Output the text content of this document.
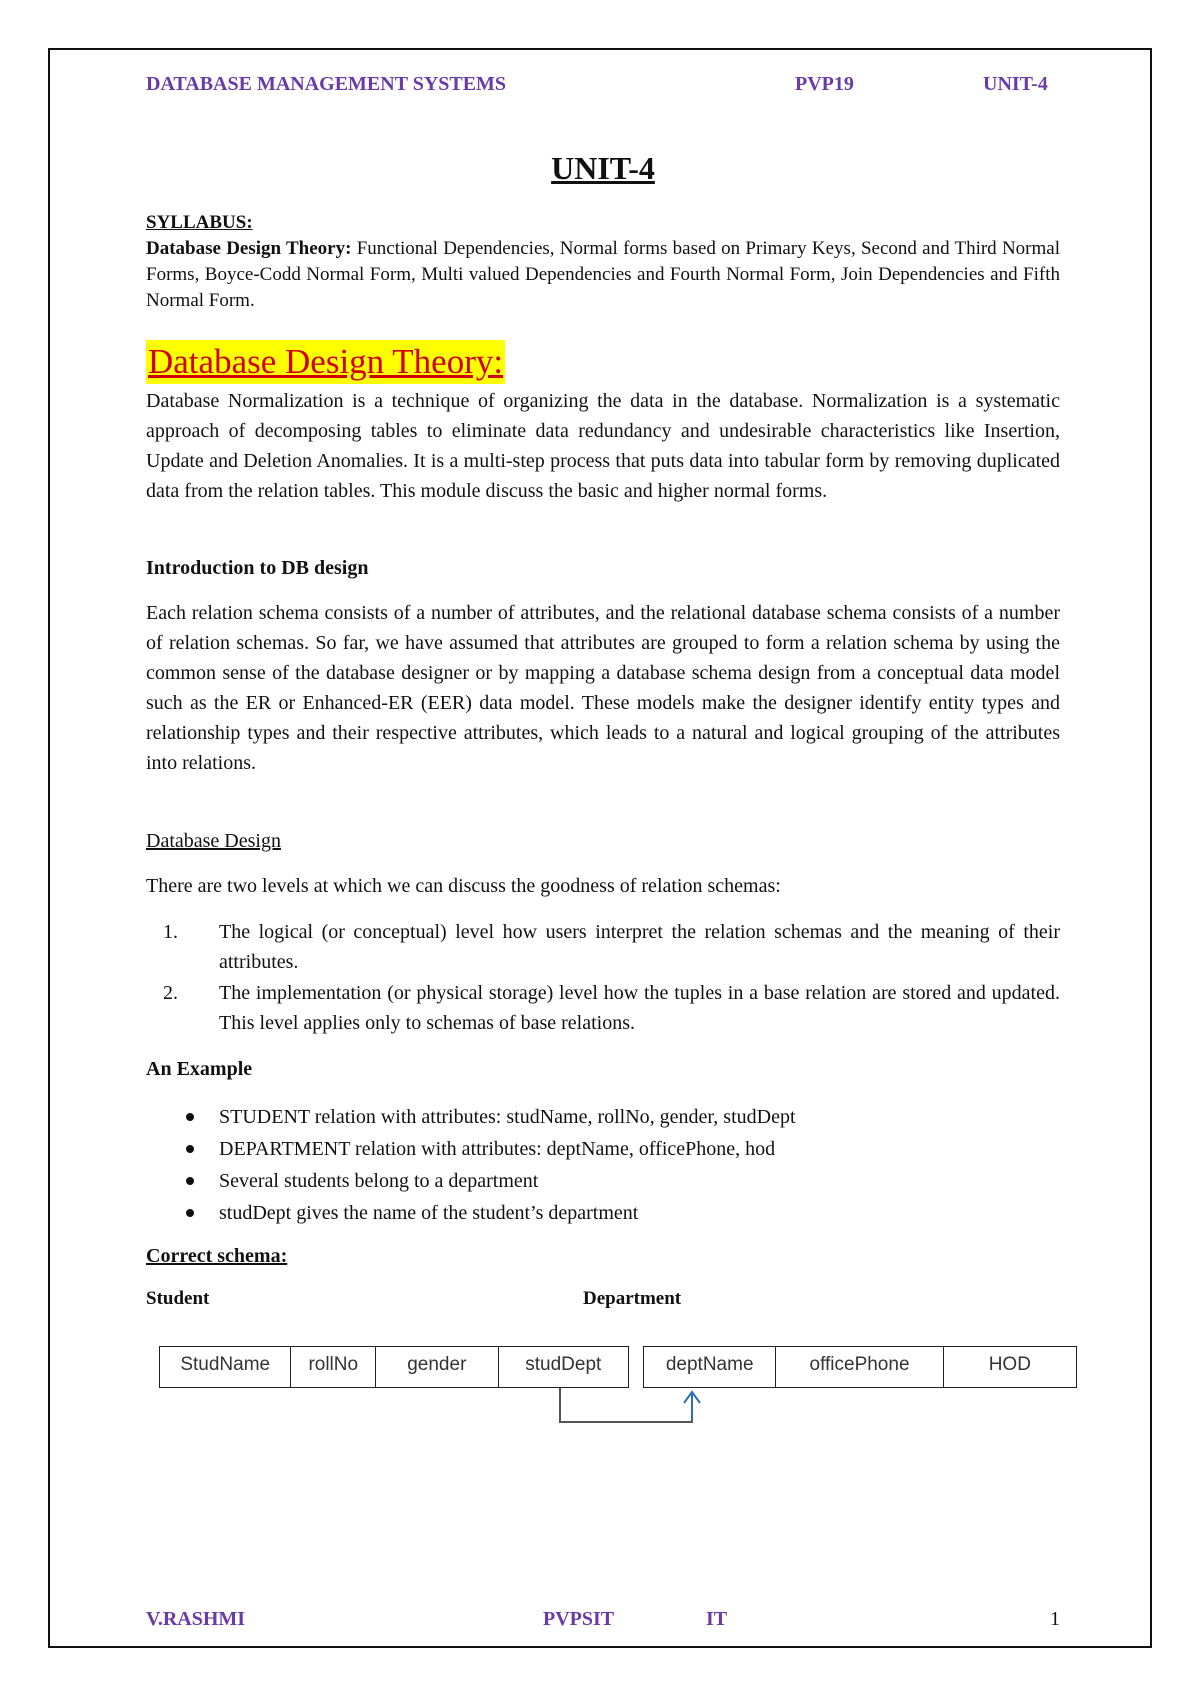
DATABASE MANAGEMENT SYSTEMS	PVP19	UNIT-4
UNIT-4
SYLLABUS:
Database Design Theory: Functional Dependencies, Normal forms based on Primary Keys, Second and Third Normal Forms, Boyce-Codd Normal Form, Multi valued Dependencies and Fourth Normal Form, Join Dependencies and Fifth Normal Form.
Database Design Theory:
Database Normalization is a technique of organizing the data in the database. Normalization is a systematic approach of decomposing tables to eliminate data redundancy and undesirable characteristics like Insertion, Update and Deletion Anomalies. It is a multi-step process that puts data into tabular form by removing duplicated data from the relation tables. This module discuss the basic and higher normal forms.
Introduction to DB design
Each relation schema consists of a number of attributes, and the relational database schema consists of a number of relation schemas. So far, we have assumed that attributes are grouped to form a relation schema by using the common sense of the database designer or by mapping a database schema design from a conceptual data model such as the ER or Enhanced-ER (EER) data model. These models make the designer identify entity types and relationship types and their respective attributes, which leads to a natural and logical grouping of the attributes into relations.
Database Design
There are two levels at which we can discuss the goodness of relation schemas:
1. The logical (or conceptual) level how users interpret the relation schemas and the meaning of their attributes.
2. The implementation (or physical storage) level how the tuples in a base relation are stored and updated. This level applies only to schemas of base relations.
An Example
STUDENT relation with attributes: studName, rollNo, gender, studDept
DEPARTMENT relation with attributes: deptName, officePhone, hod
Several students belong to a department
studDept gives the name of the student’s department
Correct schema:
Student	Department
StudName	rollNo	gender	studDept	deptName	officePhone	HOD
V.RASHMI	PVPSIT	IT	1
